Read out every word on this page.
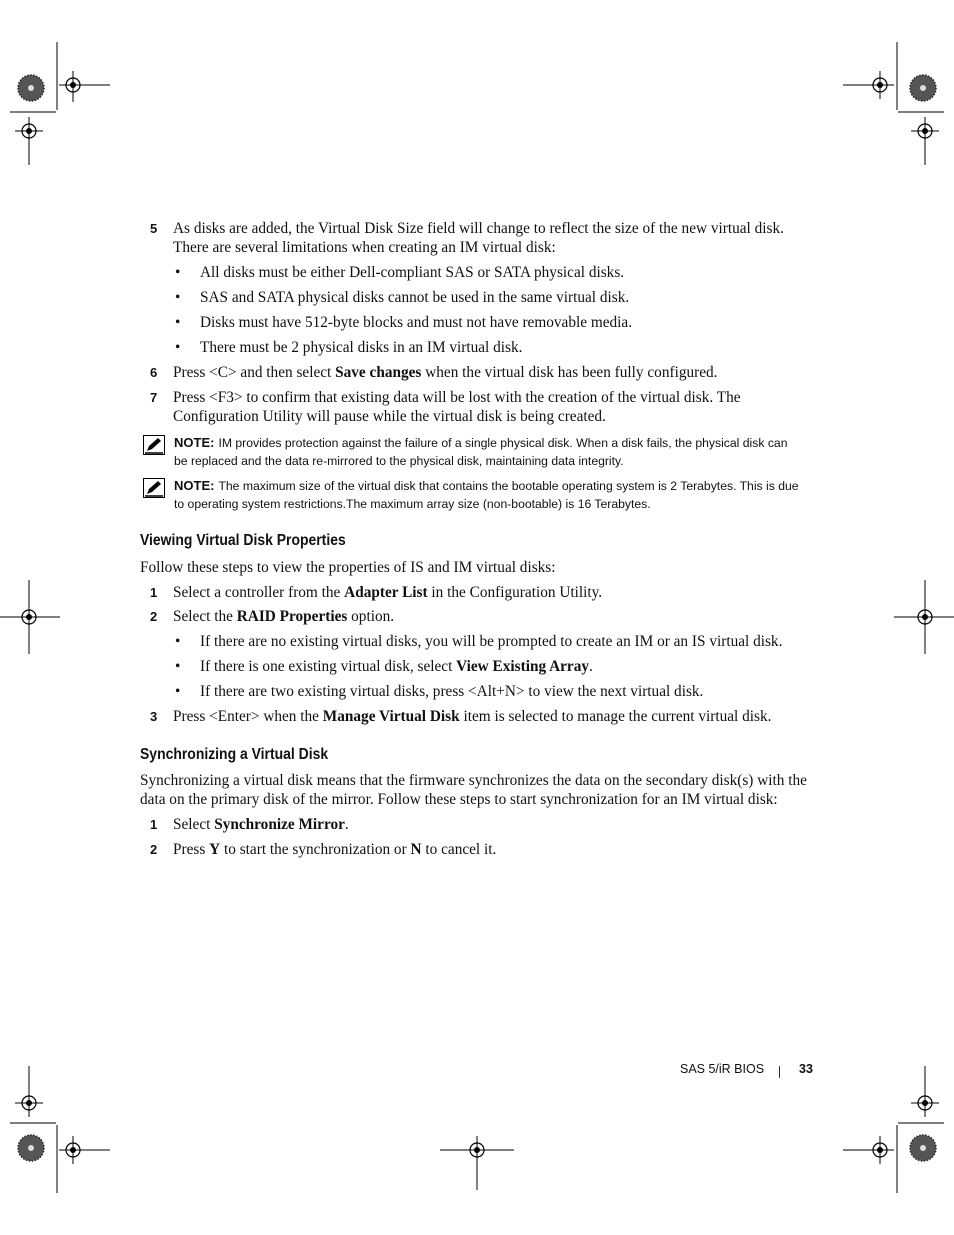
5 As disks are added, the Virtual Disk Size field will change to reflect the size of the new virtual disk.
There are several limitations when creating an IM virtual disk:
• All disks must be either Dell-compliant SAS or SATA physical disks.
• SAS and SATA physical disks cannot be used in the same virtual disk.
• Disks must have 512-byte blocks and must not have removable media.
• There must be 2 physical disks in an IM virtual disk.
6 Press <C> and then select Save changes when the virtual disk has been fully configured.
7 Press <F3> to confirm that existing data will be lost with the creation of the virtual disk. The
Configuration Utility will pause while the virtual disk is being created.
NOTE: IM provides protection against the failure of a single physical disk. When a disk fails, the physical disk can
be replaced and the data re-mirrored to the physical disk, maintaining data integrity.
NOTE: The maximum size of the virtual disk that contains the bootable operating system is 2 Terabytes. This is due
to operating system restrictions.The maximum array size (non-bootable) is 16 Terabytes.
Viewing Virtual Disk Properties
Follow these steps to view the properties of IS and IM virtual disks:
1 Select a controller from the Adapter List in the Configuration Utility.
2 Select the RAID Properties option.
• If there are no existing virtual disks, you will be prompted to create an IM or an IS virtual disk.
• If there is one existing virtual disk, select View Existing Array.
• If there are two existing virtual disks, press <Alt+N> to view the next virtual disk.
3 Press <Enter> when the Manage Virtual Disk item is selected to manage the current virtual disk.
Synchronizing a Virtual Disk
Synchronizing a virtual disk means that the firmware synchronizes the data on the secondary disk(s) with the
data on the primary disk of the mirror. Follow these steps to start synchronization for an IM virtual disk:
1 Select Synchronize Mirror.
2 Press Y to start the synchronization or N to cancel it.
SAS 5/iR BIOS	33
